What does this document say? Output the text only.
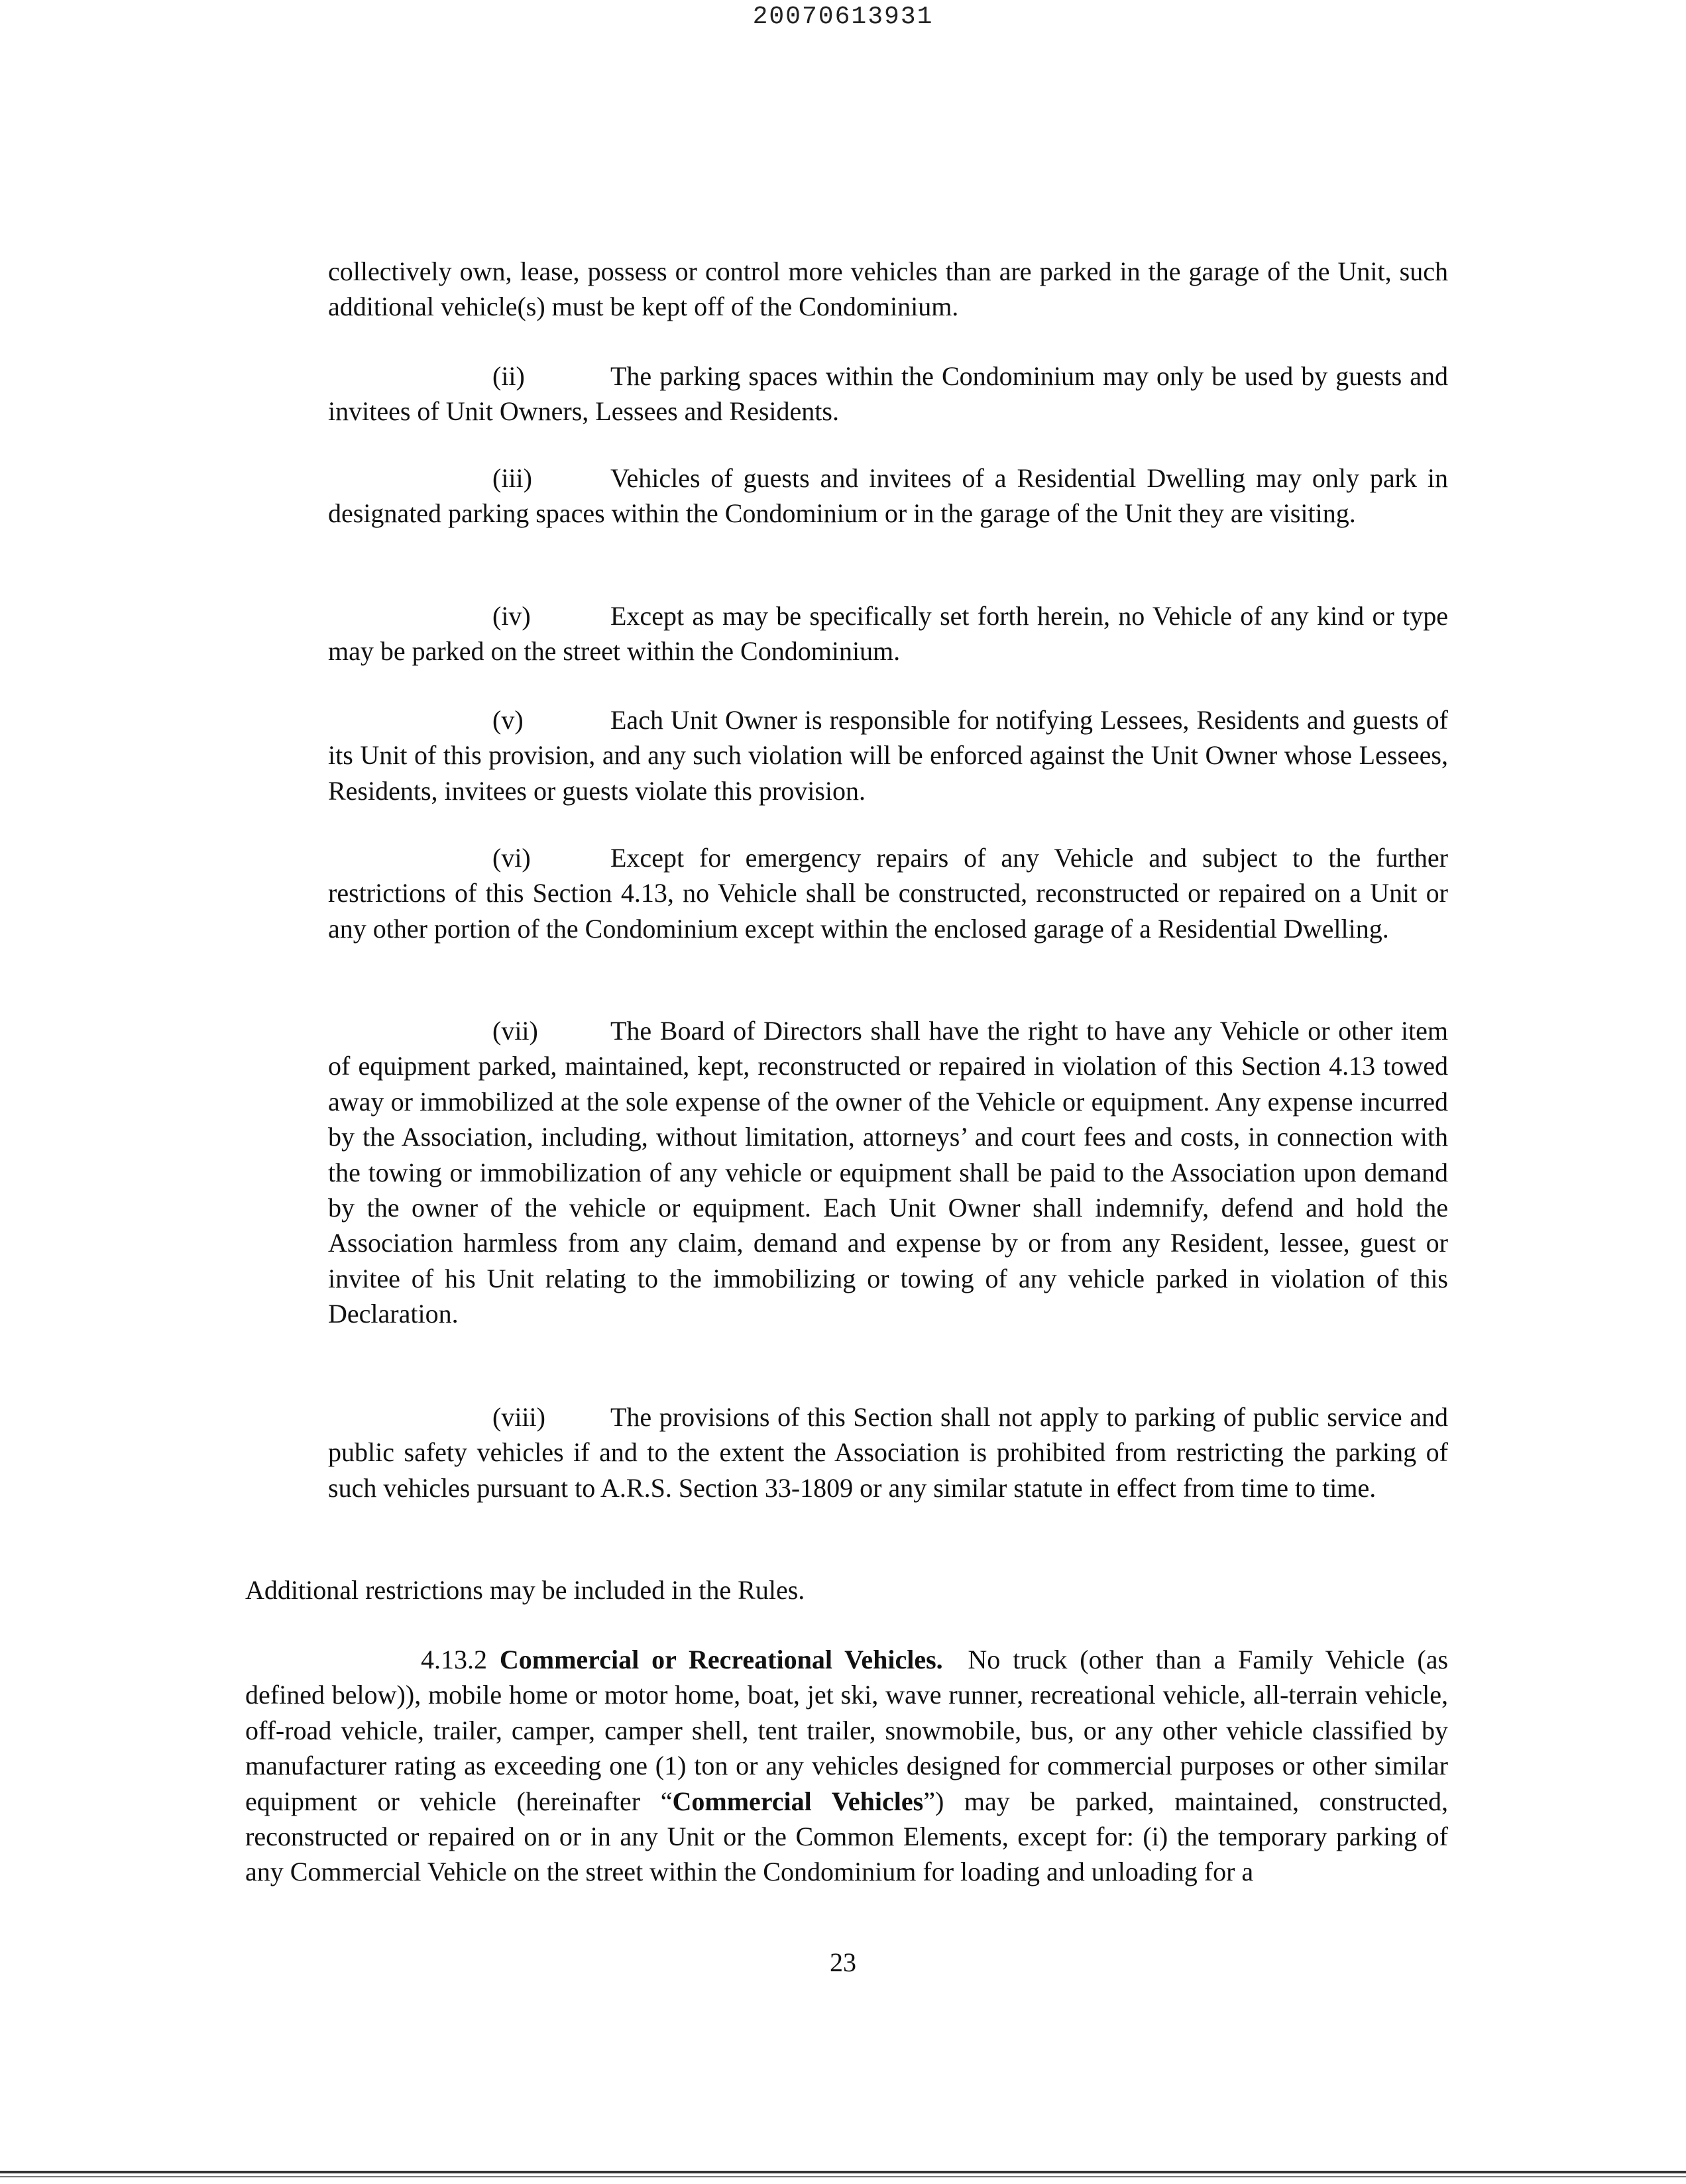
20070613931

collectively own, lease, possess or control more vehicles than are parked in the garage of the Unit, such additional vehicle(s) must be kept off of the Condominium.

(ii)	The parking spaces within the Condominium may only be used by guests and invitees of Unit Owners, Lessees and Residents.

(iii)	Vehicles of guests and invitees of a Residential Dwelling may only park in designated parking spaces within the Condominium or in the garage of the Unit they are visiting.

(iv)	Except as may be specifically set forth herein, no Vehicle of any kind or type may be parked on the street within the Condominium.

(v)	Each Unit Owner is responsible for notifying Lessees, Residents and guests of its Unit of this provision, and any such violation will be enforced against the Unit Owner whose Lessees, Residents, invitees or guests violate this provision.

(vi)	Except for emergency repairs of any Vehicle and subject to the further restrictions of this Section 4.13, no Vehicle shall be constructed, reconstructed or repaired on a Unit or any other portion of the Condominium except within the enclosed garage of a Residential Dwelling.

(vii)	The Board of Directors shall have the right to have any Vehicle or other item of equipment parked, maintained, kept, reconstructed or repaired in violation of this Section 4.13 towed away or immobilized at the sole expense of the owner of the Vehicle or equipment. Any expense incurred by the Association, including, without limitation, attorneys’ and court fees and costs, in connection with the towing or immobilization of any vehicle or equipment shall be paid to the Association upon demand by the owner of the vehicle or equipment. Each Unit Owner shall indemnify, defend and hold the Association harmless from any claim, demand and expense by or from any Resident, lessee, guest or invitee of his Unit relating to the immobilizing or towing of any vehicle parked in violation of this Declaration.

(viii) The provisions of this Section shall not apply to parking of public service and public safety vehicles if and to the extent the Association is prohibited from restricting the parking of such vehicles pursuant to A.R.S. Section 33-1809 or any similar statute in effect from time to time.

Additional restrictions may be included in the Rules.

4.13.2 Commercial or Recreational Vehicles. No truck (other than a Family Vehicle (as defined below)), mobile home or motor home, boat, jet ski, wave runner, recreational vehicle, all-terrain vehicle, off-road vehicle, trailer, camper, camper shell, tent trailer, snowmobile, bus, or any other vehicle classified by manufacturer rating as exceeding one (1) ton or any vehicles designed for commercial purposes or other similar equipment or vehicle (hereinafter “Commercial Vehicles”) may be parked, maintained, constructed, reconstructed or repaired on or in any Unit or the Common Elements, except for: (i) the temporary parking of any Commercial Vehicle on the street within the Condominium for loading and unloading for a

23
